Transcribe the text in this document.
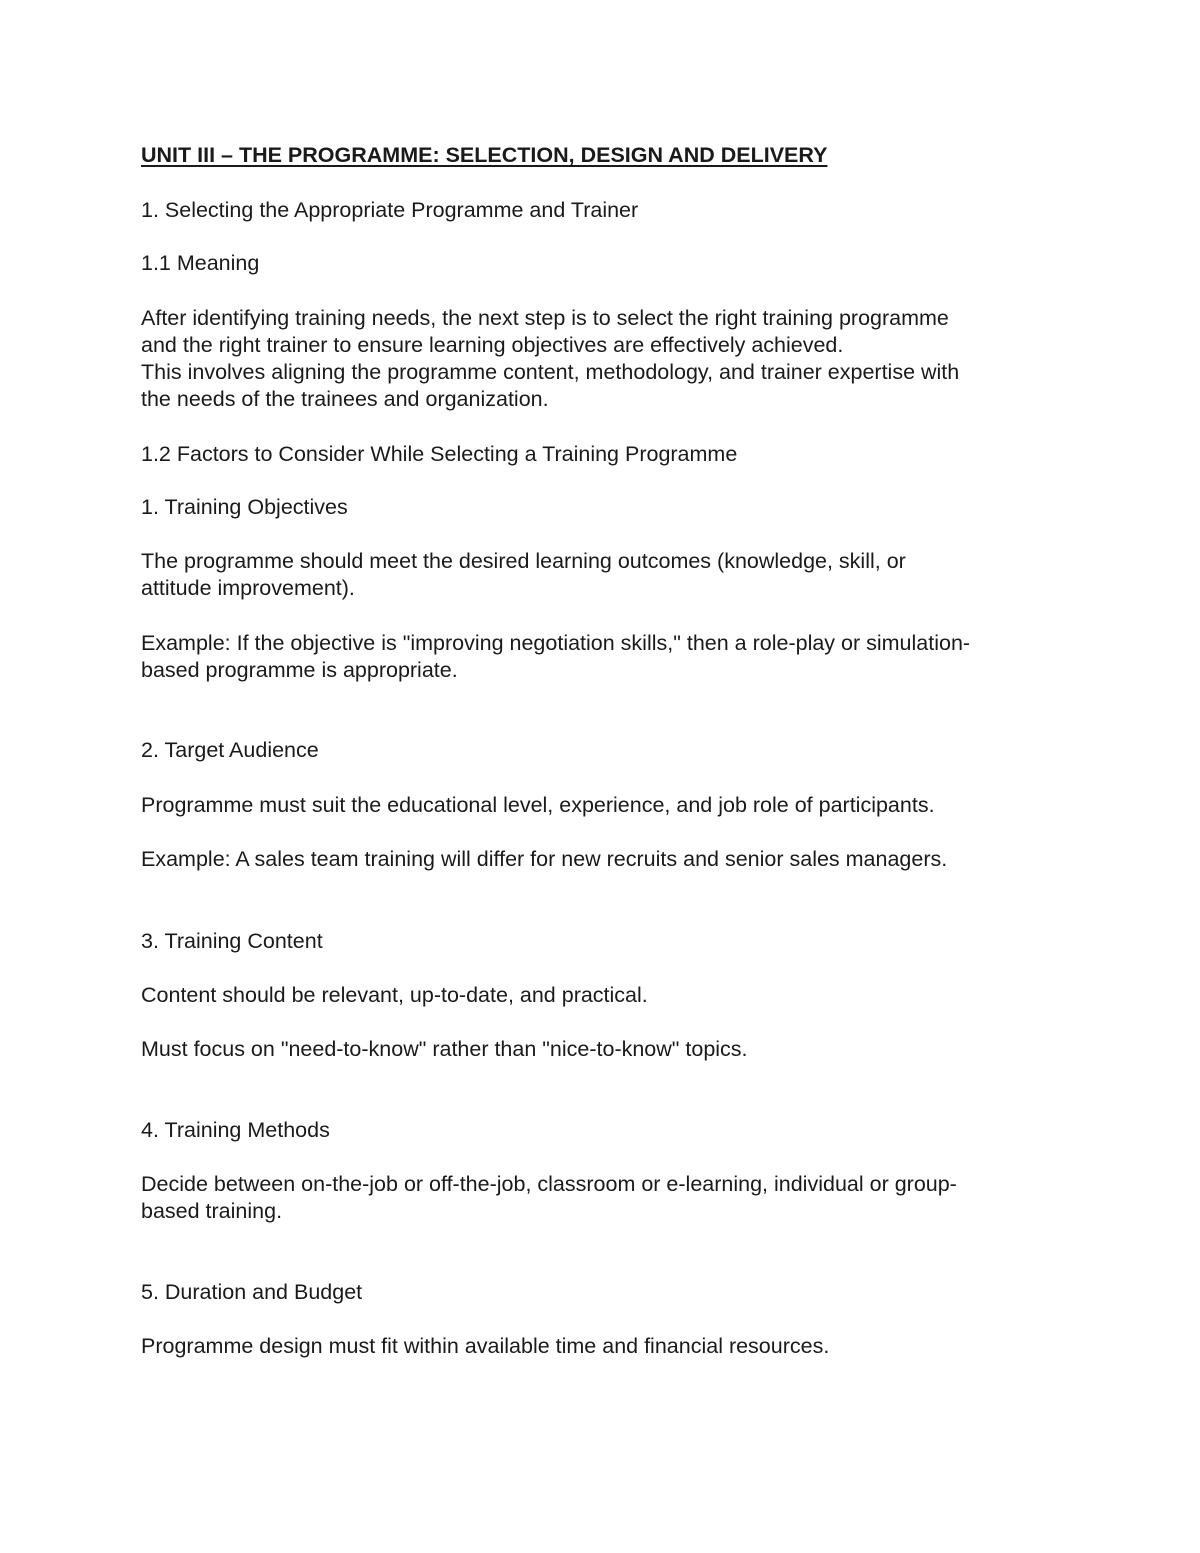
UNIT III – THE PROGRAMME: SELECTION, DESIGN AND DELIVERY

1. Selecting the Appropriate Programme and Trainer

1.1 Meaning

After identifying training needs, the next step is to select the right training programme

and the right trainer to ensure learning objectives are effectively achieved.

This involves aligning the programme content, methodology, and trainer expertise with

the needs of the trainees and organization.

1.2 Factors to Consider While Selecting a Training Programme

1. Training Objectives

The programme should meet the desired learning outcomes (knowledge, skill, or

attitude improvement).

Example: If the objective is "improving negotiation skills," then a role-play or simulation-

based programme is appropriate.

2. Target Audience

Programme must suit the educational level, experience, and job role of participants.

Example: A sales team training will differ for new recruits and senior sales managers.

3. Training Content

Content should be relevant, up-to-date, and practical.

Must focus on "need-to-know" rather than "nice-to-know" topics.

4. Training Methods

Decide between on-the-job or off-the-job, classroom or e-learning, individual or group-

based training.

5. Duration and Budget

Programme design must fit within available time and financial resources.
